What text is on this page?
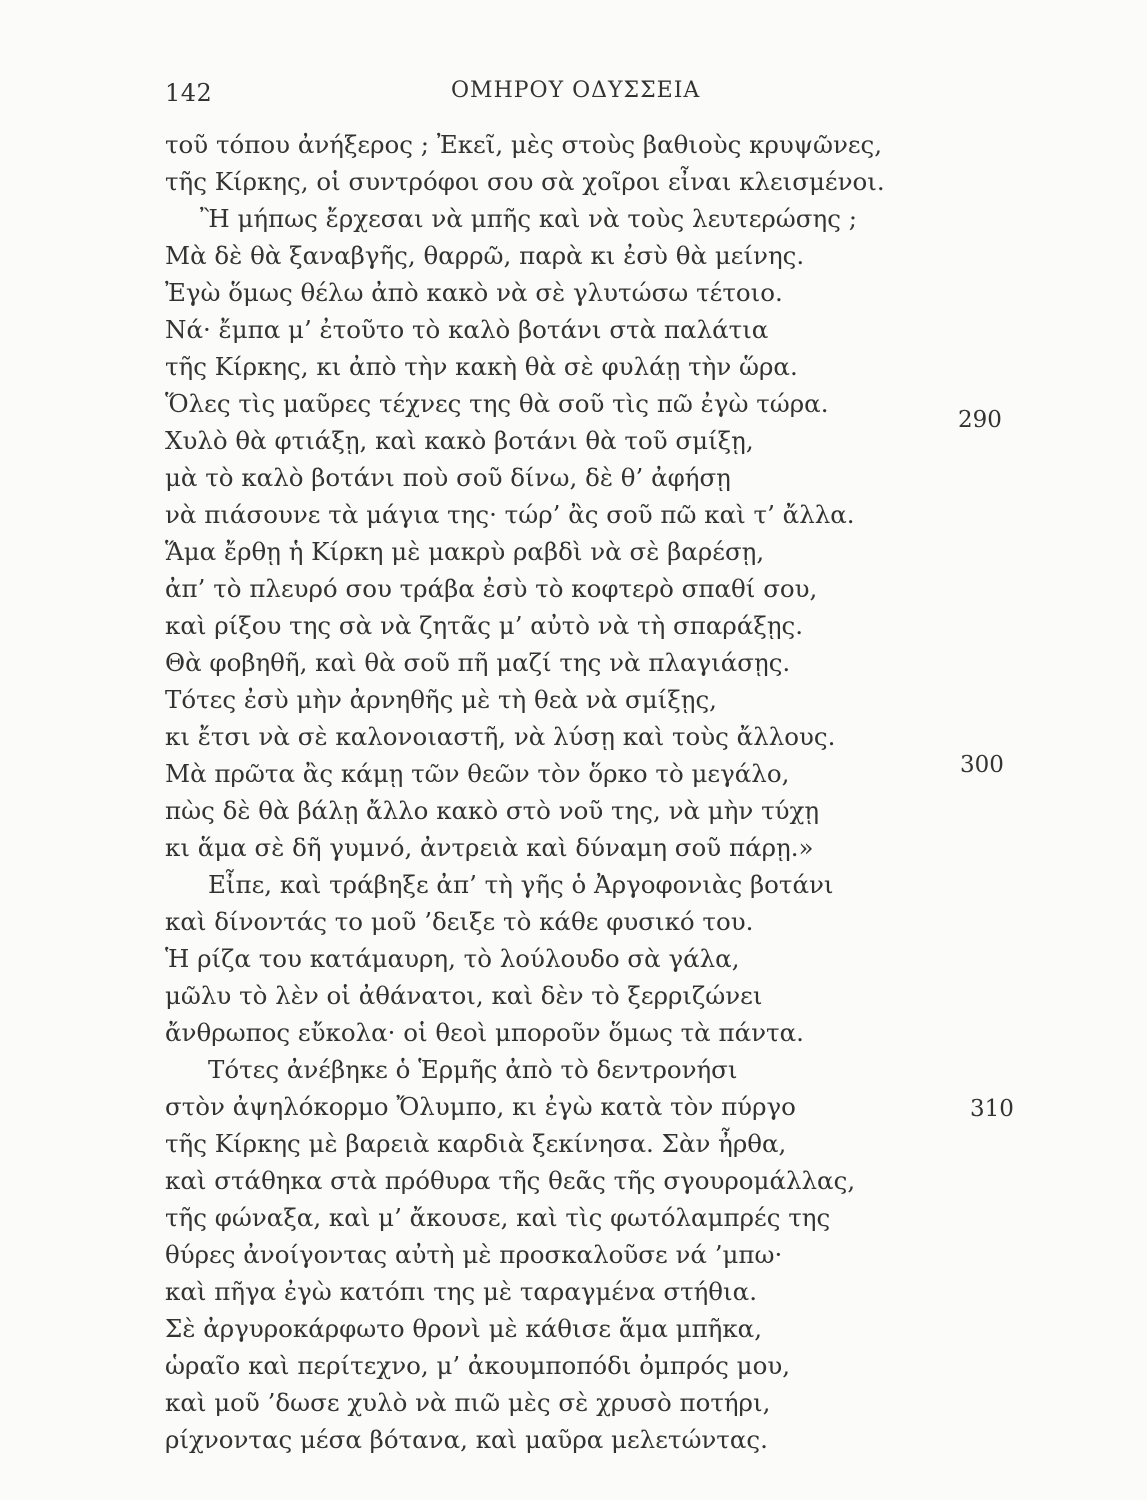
142	ΟΜΗΡΟΥ ΟΔΥΣΣΕΙΑ
τοῦ τόπου ἀνήξερος ; Ἐκεῖ, μὲς στοὺς βαθιοὺς κρυψῶνες,
τῆς Κίρκης, οἱ συντρόφοι σου σὰ χοῖροι εἶναι κλεισμένοι.
Ἢ μήπως ἔρχεσαι νὰ μπῆς καὶ νὰ τοὺς λευτερώσης ;
Μὰ δὲ θὰ ξαναβγῆς, θαρρῶ, παρὰ κι ἐσὺ θὰ μείνης.
Ἐγὼ ὅμως θέλω ἀπὸ κακὸ νὰ σὲ γλυτώσω τέτοιο.
Νά· ἔμπα μ’ ἐτοῦτο τὸ καλὸ βοτάνι στὰ παλάτια
τῆς Κίρκης, κι ἀπὸ τὴν κακὴ θὰ σὲ φυλάῃ τὴν ὥρα.
Ὅλες τὶς μαῦρες τέχνες της θὰ σοῦ τὶς πῶ ἐγὼ τώρα.
Χυλὸ θὰ φτιάξῃ, καὶ κακὸ βοτάνι θὰ τοῦ σμίξῃ,
μὰ τὸ καλὸ βοτάνι ποὺ σοῦ δίνω, δὲ θ’ ἀφήσῃ
νὰ πιάσουνε τὰ μάγια της· τώρ’ ἂς σοῦ πῶ καὶ τ’ ἄλλα.
Ἅμα ἔρθῃ ἡ Κίρκη μὲ μακρὺ ραβδὶ νὰ σὲ βαρέσῃ,
ἀπ’ τὸ πλευρό σου τράβα ἐσὺ τὸ κοφτερὸ σπαθί σου,
καὶ ρίξου της σὰ νὰ ζητᾶς μ’ αὐτὸ νὰ τὴ σπαράξῃς.
Θὰ φοβηθῆ, καὶ θὰ σοῦ πῆ μαζί της νὰ πλαγιάσῃς.
Τότες ἐσὺ μὴν ἀρνηθῆς μὲ τὴ θεὰ νὰ σμίξῃς,
κι ἔτσι νὰ σὲ καλονοιαστῆ, νὰ λύσῃ καὶ τοὺς ἄλλους.
Μὰ πρῶτα ἂς κάμῃ τῶν θεῶν τὸν ὅρκο τὸ μεγάλο,
πὼς δὲ θὰ βάλῃ ἄλλο κακὸ στὸ νοῦ της, νὰ μὴν τύχῃ
κι ἅμα σὲ δῆ γυμνό, ἀντρειὰ καὶ δύναμη σοῦ πάρῃ.»
Εἶπε, καὶ τράβηξε ἀπ’ τὴ γῆς ὁ Ἀργοφονιὰς βοτάνι
καὶ δίνοντάς το μοῦ ’δειξε τὸ κάθε φυσικό του.
Ἡ ρίζα του κατάμαυρη, τὸ λούλουδο σὰ γάλα,
μῶλυ τὸ λὲν οἱ ἀθάνατοι, καὶ δὲν τὸ ξερριζώνει
ἄνθρωπος εὔκολα· οἱ θεοὶ μποροῦν ὅμως τὰ πάντα.
Τότες ἀνέβηκε ὁ Ἑρμῆς ἀπὸ τὸ δεντρονήσι
στὸν ἀψηλόκορμο Ὄλυμπο, κι ἐγὼ κατὰ τὸν πύργο
τῆς Κίρκης μὲ βαρειὰ καρδιὰ ξεκίνησα. Σὰν ἦρθα,
καὶ στάθηκα στὰ πρόθυρα τῆς θεᾶς τῆς σγουρομάλλας,
τῆς φώναξα, καὶ μ’ ἄκουσε, καὶ τὶς φωτόλαμπρές της
θύρες ἀνοίγοντας αὐτὴ μὲ προσκαλοῦσε νά ’μπω·
καὶ πῆγα ἐγὼ κατόπι της μὲ ταραγμένα στήθια.
Σὲ ἀργυροκάρφωτο θρονὶ μὲ κάθισε ἅμα μπῆκα,
ὡραῖο καὶ περίτεχνο, μ’ ἀκουμποπόδι ὀμπρός μου,
καὶ μοῦ ’δωσε χυλὸ νὰ πιῶ μὲς σὲ χρυσὸ ποτήρι,
ρίχνοντας μέσα βότανα, καὶ μαῦρα μελετώντας.
290
300
310
